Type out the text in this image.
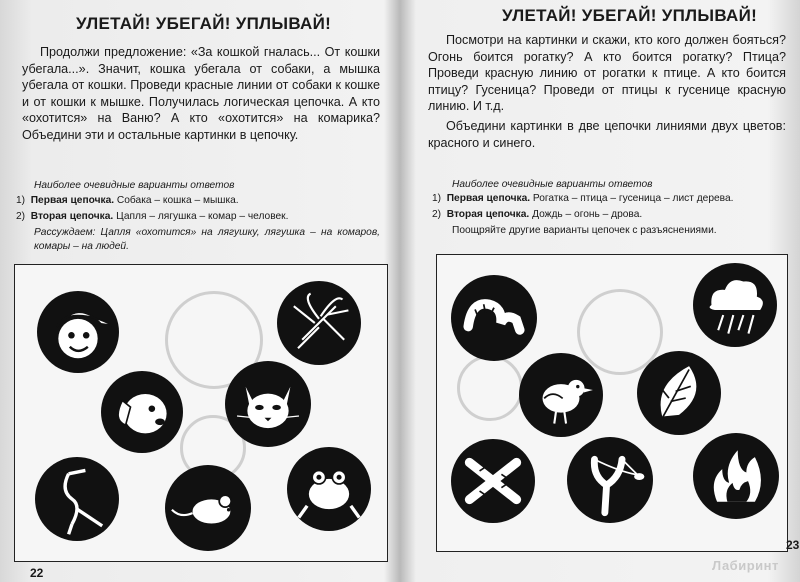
УЛЕТАЙ! УБЕГАЙ! УПЛЫВАЙ!
Продолжи предложение: «За кошкой гналась... От кошки убегала...». Значит, кошка убегала от собаки, а мышка убегала от кошки. Проведи красные линии от собаки к кошке и от кошки к мышке. Получилась логическая цепочка. А кто «охотится» на Ваню? А кто «охотится» на комарика? Объедини эти и остальные картинки в цепочку.
Наиболее очевидные варианты ответов
1) Первая цепочка. Собака – кошка – мышка.
2) Вторая цепочка. Цапля – лягушка – комар – человек.
Рассуждаем: Цапля «охотится» на лягушку, лягушка – на комаров, комары – на людей.
22
УЛЕТАЙ! УБЕГАЙ! УПЛЫВАЙ!
Посмотри на картинки и скажи, кто кого должен бояться? Огонь боится рогатку? А кто боится рогатку? Птица? Проведи красную линию от рогатки к птице. А кто боится птицу? Гусеница? Проведи от птицы к гусенице красную линию. И т.д.
Объедини картинки в две цепочки линиями двух цветов: красного и синего.
Наиболее очевидные варианты ответов
1) Первая цепочка. Рогатка – птица – гусеница – лист дерева.
2) Вторая цепочка. Дождь – огонь – дрова.
Поощряйте другие варианты цепочек с разъяснениями.
Лабиринт
23
